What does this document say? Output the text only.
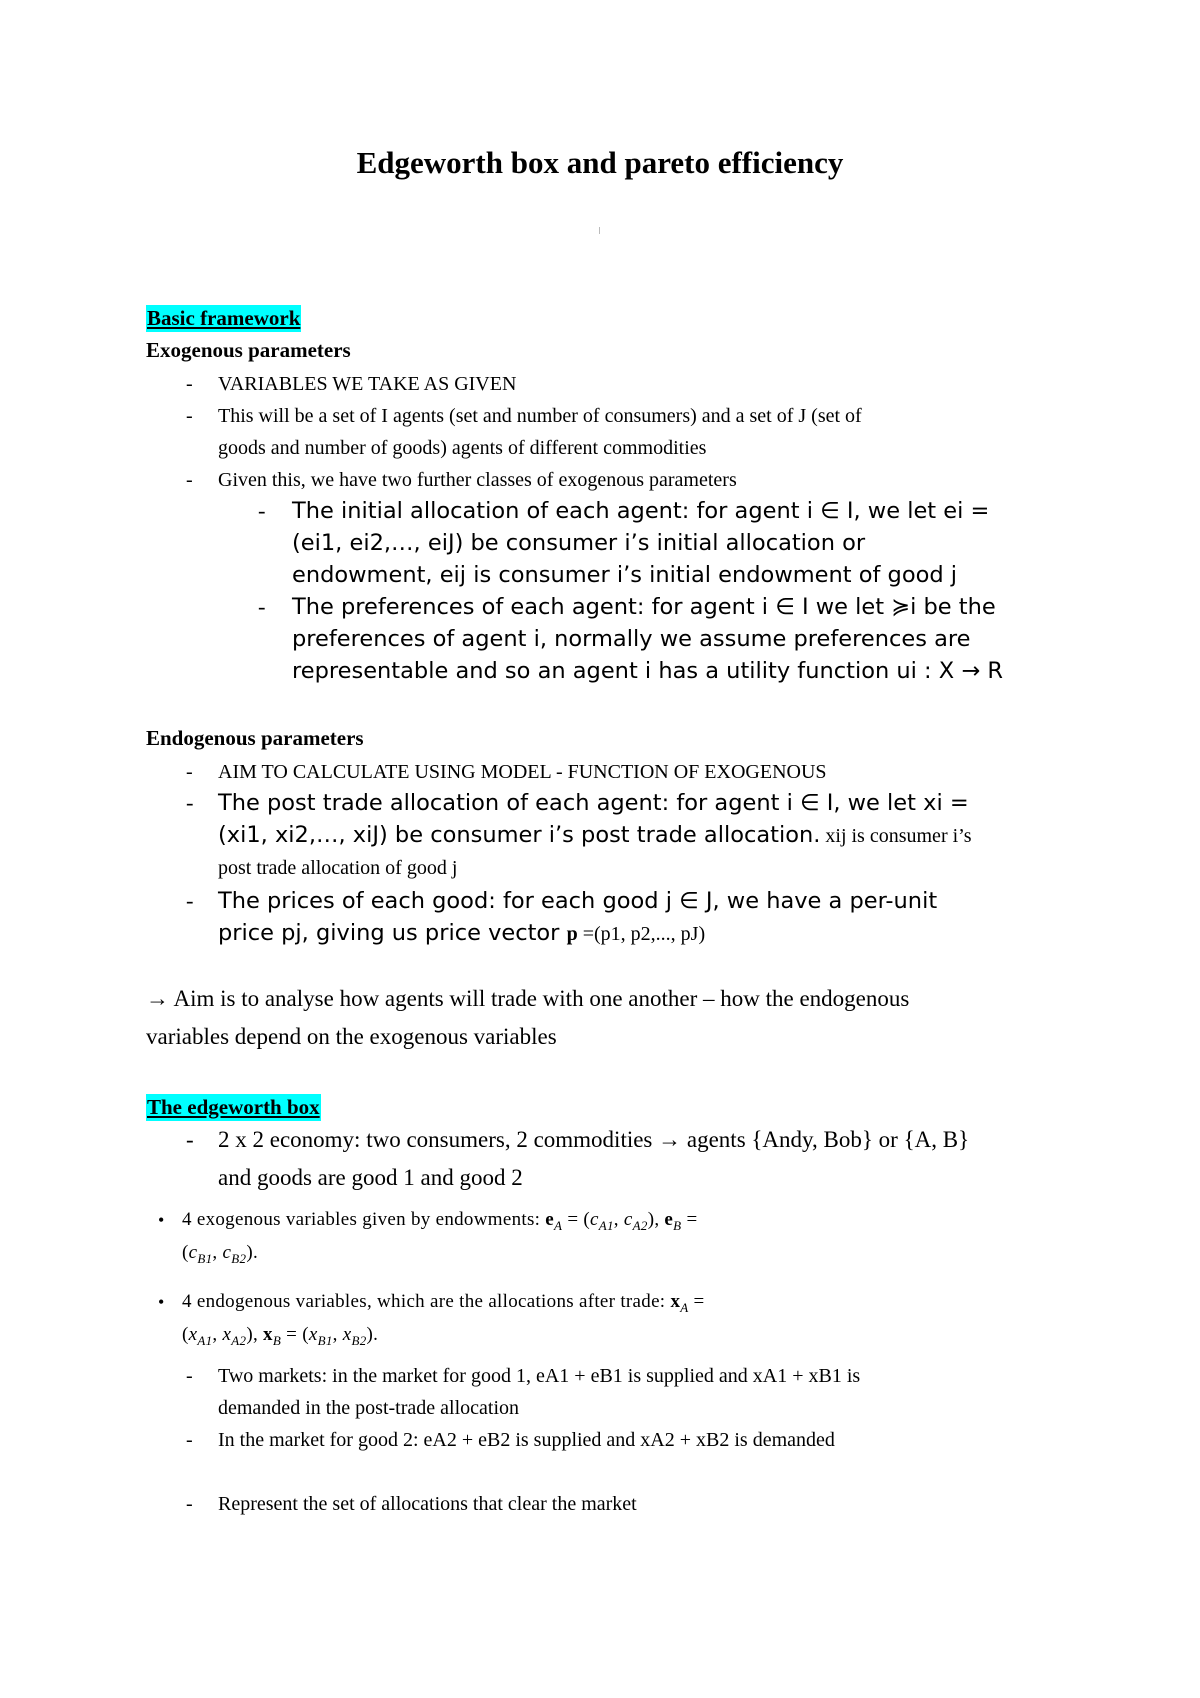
Edgeworth box and pareto efficiency
Basic framework
Exogenous parameters
- VARIABLES WE TAKE AS GIVEN
- This will be a set of I agents (set and number of consumers) and a set of J (set of
goods and number of goods) agents of different commodities
- Given this, we have two further classes of exogenous parameters
- The initial allocation of each agent: for agent i ∈ I, we let ei =
(ei1, ei2,…, eiJ) be consumer i’s initial allocation or
endowment, eij is consumer i’s initial endowment of good j
- The preferences of each agent: for agent i ∈ I we let ≽i be the
preferences of agent i, normally we assume preferences are
representable and so an agent i has a utility function ui : X → R
Endogenous parameters
- AIM TO CALCULATE USING MODEL - FUNCTION OF EXOGENOUS
- The post trade allocation of each agent: for agent i ∈ I, we let xi =
(xi1, xi2,…, xiJ) be consumer i’s post trade allocation. xij is consumer i’s
post trade allocation of good j
- The prices of each good: for each good j ∈ J, we have a per-unit
price pj, giving us price vector p =(p1, p2,..., pJ)
→ Aim is to analyse how agents will trade with one another – how the endogenous
variables depend on the exogenous variables
The edgeworth box
- 2 x 2 economy: two consumers, 2 commodities → agents {Andy, Bob} or {A, B}
and goods are good 1 and good 2
• 4 exogenous variables given by endowments: $e_A = (c_{A1}$, $c_{A2}$), $e_B$ =
($c_{B1}$, $c_{B2}$).
• 4 endogenous variables, which are the allocations after trade: $x_A$ =
($x_{A1}$, $x_{A2}$), $x_B = (x_{B1}$, $x_{B2}$).
- Two markets: in the market for good 1, eA1 + eB1 is supplied and xA1 + xB1 is
demanded in the post-trade allocation
- In the market for good 2: eA2 + eB2 is supplied and xA2 + xB2 is demanded
- Represent the set of allocations that clear the market
